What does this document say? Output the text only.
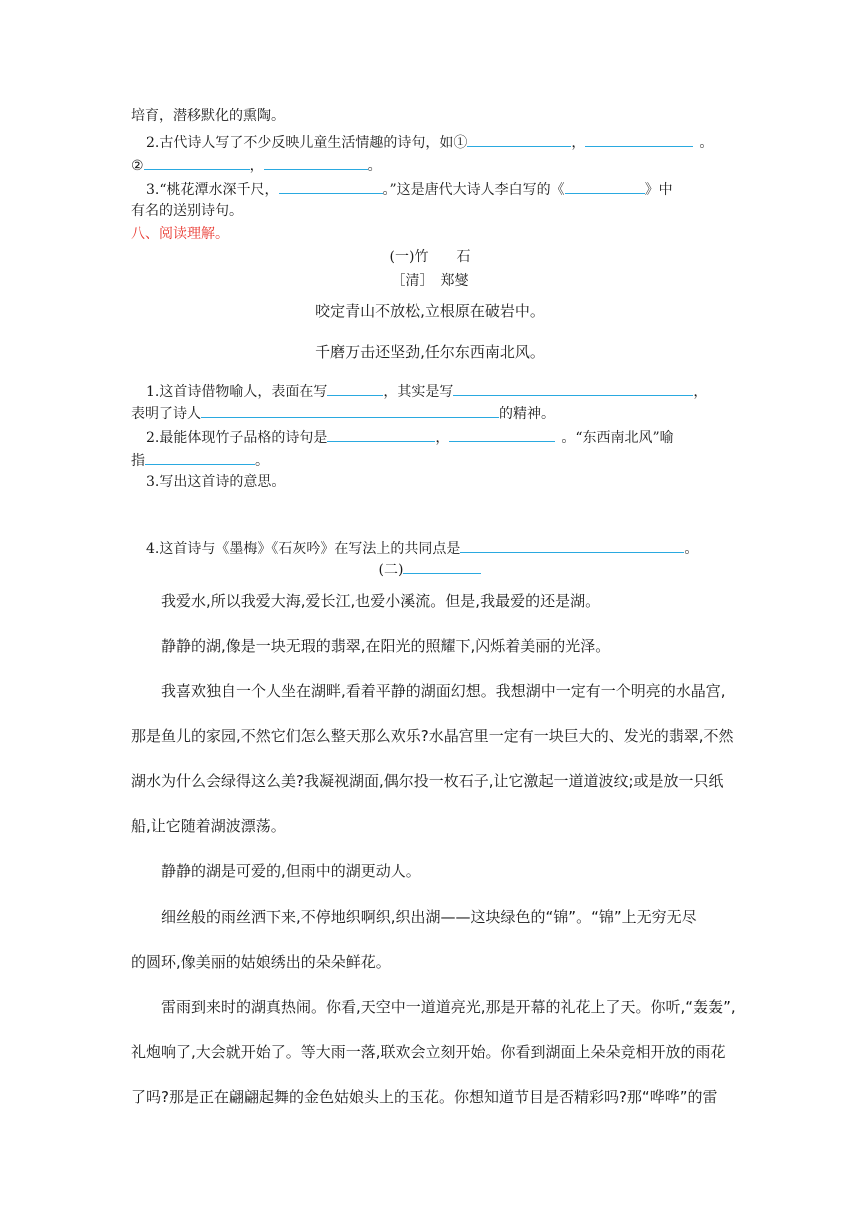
培育，潜移默化的熏陶。
2.古代诗人写了不少反映儿童生活情趣的诗句，如①	，	。
②	，	。
3.“桃花潭水深千尺，	。”这是唐代大诗人李白写的《	》中
有名的送别诗句。
八、阅读理解。
(一)竹　　石
［清］　郑燮
咬定青山不放松,立根原在破岩中。
千磨万击还坚劲,任尔东西南北风。
1.这首诗借物喻人，表面在写	，其实是写	，
表明了诗人	的精神。
2.最能体现竹子品格的诗句是	，	。“东西南北风”喻
指	。
3.写出这首诗的意思。
4.这首诗与《墨梅》《石灰吟》在写法上的共同点是	。
(二)
我爱水,所以我爱大海,爱长江,也爱小溪流。但是,我最爱的还是湖。
静静的湖,像是一块无瑕的翡翠,在阳光的照耀下,闪烁着美丽的光泽。
我喜欢独自一个人坐在湖畔,看着平静的湖面幻想。我想湖中一定有一个明亮的水晶宫,
那是鱼儿的家园,不然它们怎么整天那么欢乐?水晶宫里一定有一块巨大的、发光的翡翠,不然
湖水为什么会绿得这么美?我凝视湖面,偶尔投一枚石子,让它激起一道道波纹;或是放一只纸
船,让它随着湖波漂荡。
静静的湖是可爱的,但雨中的湖更动人。
细丝般的雨丝洒下来,不停地织啊织,织出湖——这块绿色的“锦”。“锦”上无穷无尽
的圆环,像美丽的姑娘绣出的朵朵鲜花。
雷雨到来时的湖真热闹。你看,天空中一道道亮光,那是开幕的礼花上了天。你听,“轰轰”,
礼炮响了,大会就开始了。等大雨一落,联欢会立刻开始。你看到湖面上朵朵竞相开放的雨花
了吗?那是正在翩翩起舞的金色姑娘头上的玉花。你想知道节目是否精彩吗?那“哗哗”的雷
